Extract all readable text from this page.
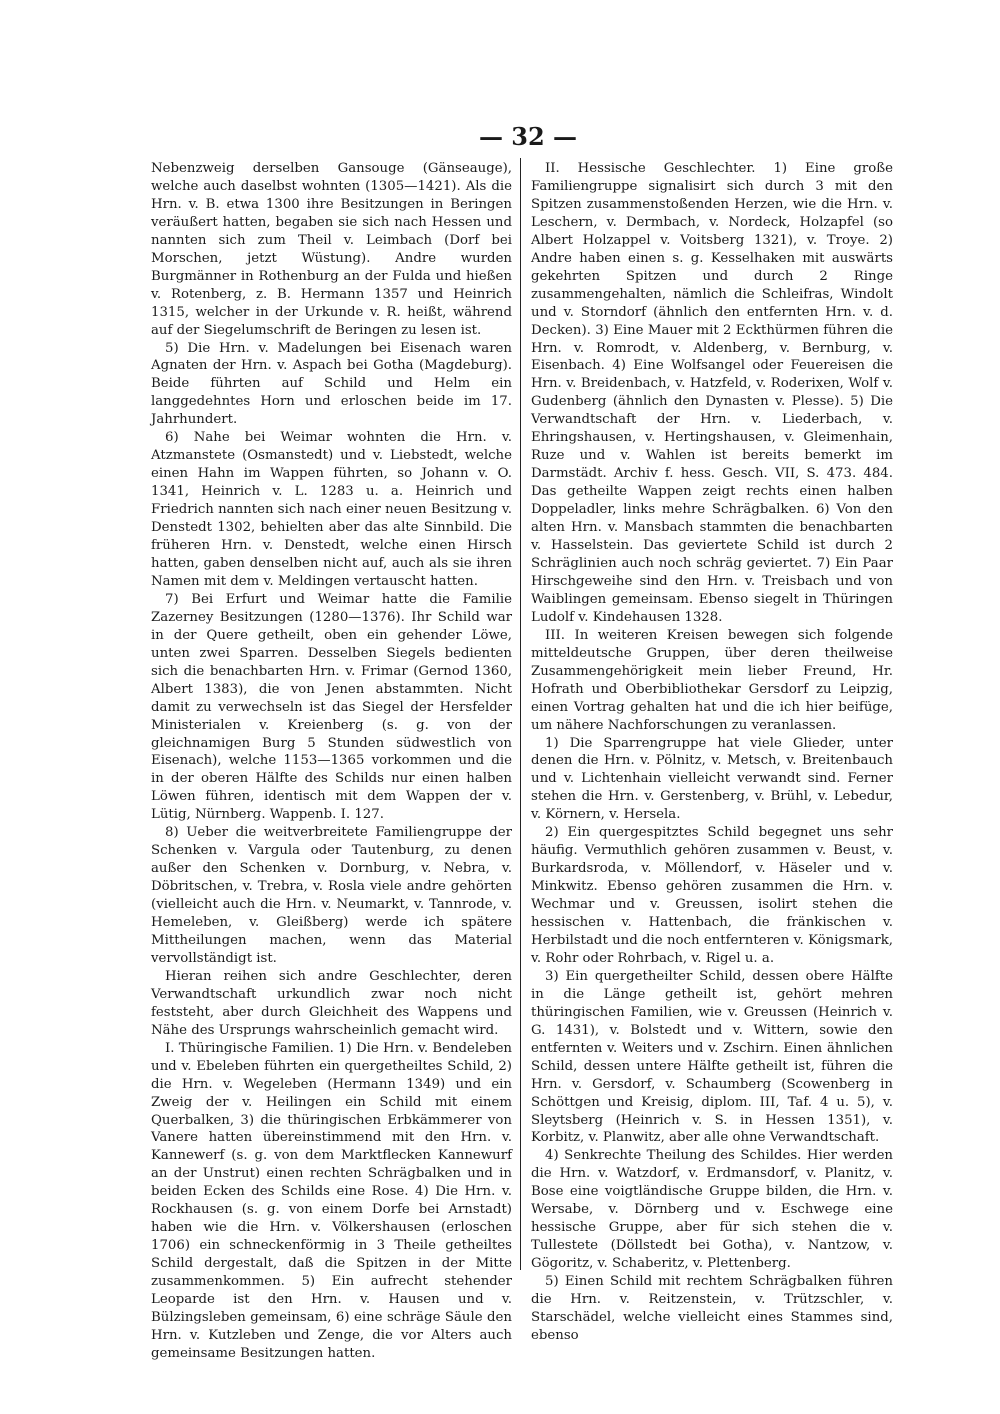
— 32 —

Nebenzweig derselben Gansouge (Gänseauge), welche auch daselbst wohnten (1305—1421). Als die Hrn. v. B. etwa 1300 ihre Besitzungen in Beringen veräußert hatten, begaben sie sich nach Hessen und nannten sich zum Theil v. Leimbach (Dorf bei Morschen, jetzt Wüstung). Andre wurden Burgmänner in Rothenburg an der Fulda und hießen v. Rotenberg, z. B. Hermann 1357 und Heinrich 1315, welcher in der Urkunde v. R. heißt, während auf der Siegelumschrift de Beringen zu lesen ist.

5) Die Hrn. v. Madelungen bei Eisenach waren Agnaten der Hrn. v. Aspach bei Gotha (Magdeburg). Beide führten auf Schild und Helm ein langgedehntes Horn und erloschen beide im 17. Jahrhundert.

6) Nahe bei Weimar wohnten die Hrn. v. Atzmanstete (Osmanstedt) und v. Liebstedt, welche einen Hahn im Wappen führten, so Johann v. O. 1341, Heinrich v. L. 1283 u. a. Heinrich und Friedrich nannten sich nach einer neuen Besitzung v. Denstedt 1302, behielten aber das alte Sinnbild. Die früheren Hrn. v. Denstedt, welche einen Hirsch hatten, gaben denselben nicht auf, auch als sie ihren Namen mit dem v. Meldingen vertauscht hatten.

7) Bei Erfurt und Weimar hatte die Familie Zazerney Besitzungen (1280—1376). Ihr Schild war in der Quere getheilt, oben ein gehender Löwe, unten zwei Sparren. Desselben Siegels bedienten sich die benachbarten Hrn. v. Frimar (Gernod 1360, Albert 1383), die von Jenen abstammten. Nicht damit zu verwechseln ist das Siegel der Hersfelder Ministerialen v. Kreienberg (s. g. von der gleichnamigen Burg 5 Stunden südwestlich von Eisenach), welche 1153—1365 vorkommen und die in der oberen Hälfte des Schilds nur einen halben Löwen führen, identisch mit dem Wappen der v. Lütig, Nürnberg. Wappenb. I. 127.

8) Ueber die weitverbreitete Familiengruppe der Schenken v. Vargula oder Tautenburg, zu denen außer den Schenken v. Dornburg, v. Nebra, v. Döbritschen, v. Trebra, v. Rosla viele andre gehörten (vielleicht auch die Hrn. v. Neumarkt, v. Tannrode, v. Hemeleben, v. Gleißberg) werde ich spätere Mittheilungen machen, wenn das Material vervollständigt ist.

Hieran reihen sich andre Geschlechter, deren Verwandtschaft urkundlich zwar noch nicht feststeht, aber durch Gleichheit des Wappens und Nähe des Ursprungs wahrscheinlich gemacht wird.

I. Thüringische Familien. 1) Die Hrn. v. Bendeleben und v. Ebeleben führten ein quergetheiltes Schild, 2) die Hrn. v. Wegeleben (Hermann 1349) und ein Zweig der v. Heilingen ein Schild mit einem Querbalken, 3) die thüringischen Erbkämmerer von Vanere hatten übereinstimmend mit den Hrn. v. Kannewerf (s. g. von dem Marktflecken Kannewurf an der Unstrut) einen rechten Schrägbalken und in beiden Ecken des Schilds eine Rose. 4) Die Hrn. v. Rockhausen (s. g. von einem Dorfe bei Arnstadt) haben wie die Hrn. v. Völkershausen (erloschen 1706) ein schneckenförmig in 3 Theile getheiltes Schild dergestalt, daß die Spitzen in der Mitte zusammenkommen. 5) Ein aufrecht stehender Leoparde ist den Hrn. v. Hausen und v. Bülzingsleben gemeinsam, 6) eine schräge Säule den Hrn. v. Kutzleben und Zenge, die vor Alters auch gemeinsame Besitzungen hatten.

II. Hessische Geschlechter. 1) Eine große Familiengruppe signalisirt sich durch 3 mit den Spitzen zusammenstoßenden Herzen, wie die Hrn. v. Leschern, v. Dermbach, v. Nordeck, Holzapfel (so Albert Holzappel v. Voitsberg 1321), v. Troye. 2) Andre haben einen s. g. Kesselhaken mit auswärts gekehrten Spitzen und durch 2 Ringe zusammengehalten, nämlich die Schleifras, Windolt und v. Storndorf (ähnlich den entfernten Hrn. v. d. Decken). 3) Eine Mauer mit 2 Eckthürmen führen die Hrn. v. Romrodt, v. Aldenberg, v. Bernburg, v. Eisenbach. 4) Eine Wolfsangel oder Feuereisen die Hrn. v. Breidenbach, v. Hatzfeld, v. Roderixen, Wolf v. Gudenberg (ähnlich den Dynasten v. Plesse). 5) Die Verwandtschaft der Hrn. v. Liederbach, v. Ehringshausen, v. Hertingshausen, v. Gleimenhain, Ruze und v. Wahlen ist bereits bemerkt im Darmstädt. Archiv f. hess. Gesch. VII, S. 473. 484. Das getheilte Wappen zeigt rechts einen halben Doppeladler, links mehre Schrägbalken. 6) Von den alten Hrn. v. Mansbach stammten die benachbarten v. Hasselstein. Das geviertete Schild ist durch 2 Schräglinien auch noch schräg geviertet. 7) Ein Paar Hirschgeweihe sind den Hrn. v. Treisbach und von Waiblingen gemeinsam. Ebenso siegelt in Thüringen Ludolf v. Kindehausen 1328.

III. In weiteren Kreisen bewegen sich folgende mitteldeutsche Gruppen, über deren theilweise Zusammengehörigkeit mein lieber Freund, Hr. Hofrath und Oberbibliothekar Gersdorf zu Leipzig, einen Vortrag gehalten hat und die ich hier beifüge, um nähere Nachforschungen zu veranlassen.

1) Die Sparrengruppe hat viele Glieder, unter denen die Hrn. v. Pölnitz, v. Metsch, v. Breitenbauch und v. Lichtenhain vielleicht verwandt sind. Ferner stehen die Hrn. v. Gerstenberg, v. Brühl, v. Lebedur, v. Körnern, v. Hersela.

2) Ein quergespitztes Schild begegnet uns sehr häufig. Vermuthlich gehören zusammen v. Beust, v. Burkardsroda, v. Möllendorf, v. Häseler und v. Minkwitz. Ebenso gehören zusammen die Hrn. v. Wechmar und v. Greussen, isolirt stehen die hessischen v. Hattenbach, die fränkischen v. Herbilstadt und die noch entfernteren v. Königsmark, v. Rohr oder Rohrbach, v. Rigel u. a.

3) Ein quergetheilter Schild, dessen obere Hälfte in die Länge getheilt ist, gehört mehren thüringischen Familien, wie v. Greussen (Heinrich v. G. 1431), v. Bolstedt und v. Wittern, sowie den entfernten v. Weiters und v. Zschirn. Einen ähnlichen Schild, dessen untere Hälfte getheilt ist, führen die Hrn. v. Gersdorf, v. Schaumberg (Scowenberg in Schöttgen und Kreisig, diplom. III, Taf. 4 u. 5), v. Sleytsberg (Heinrich v. S. in Hessen 1351), v. Korbitz, v. Planwitz, aber alle ohne Verwandtschaft.

4) Senkrechte Theilung des Schildes. Hier werden die Hrn. v. Watzdorf, v. Erdmansdorf, v. Planitz, v. Bose eine voigtländische Gruppe bilden, die Hrn. v. Wersabe, v. Dörnberg und v. Eschwege eine hessische Gruppe, aber für sich stehen die v. Tullestete (Döllstedt bei Gotha), v. Nantzow, v. Gögoritz, v. Schaberitz, v. Plettenberg.

5) Einen Schild mit rechtem Schrägbalken führen die Hrn. v. Reitzenstein, v. Trützschler, v. Starschädel, welche vielleicht eines Stammes sind, ebenso
